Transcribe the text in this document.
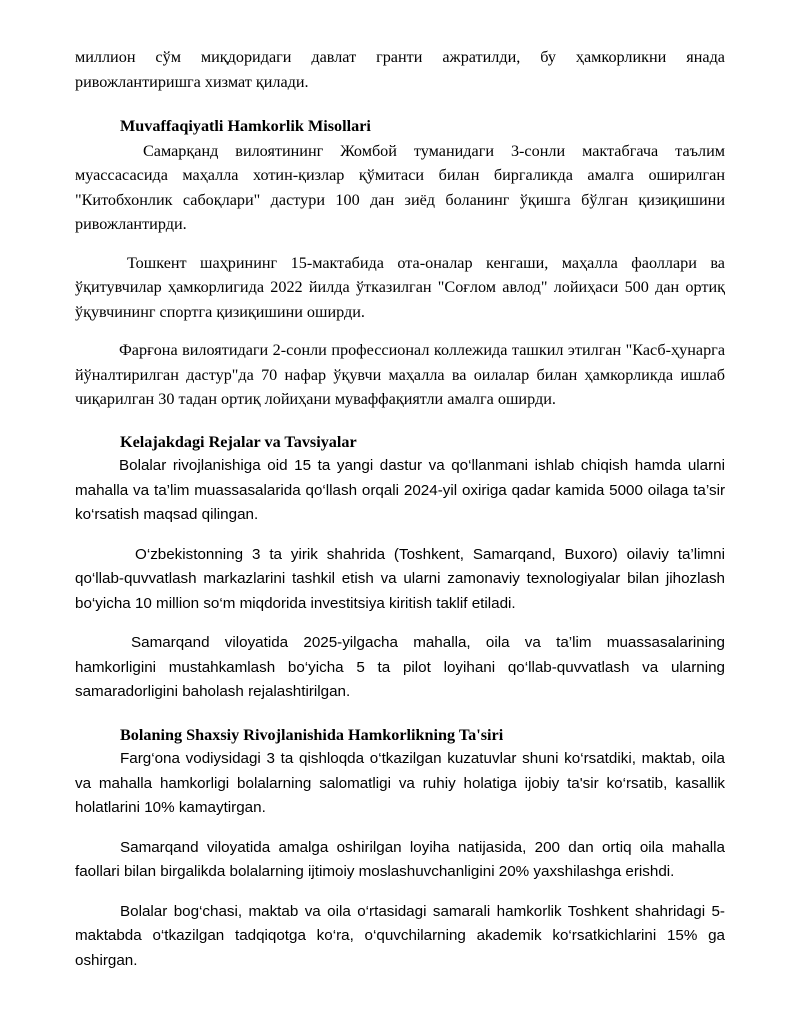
миллион сўм миқдоридаги давлат гранти ажратилди, бу ҳамкорликни янада ривожлантиришга хизмат қилади.

Muvaffaqiyatli Hamkorlik Misollari

Самарқанд вилоятининг Жомбой туманидаги 3-сонли мактабгача таълим муассасасида маҳалла хотин-қизлар қўмитаси билан биргаликда амалга оширилган "Китобхонлик сабоқлари" дастури 100 дан зиёд боланинг ўқишга бўлган қизиқишини ривожлантирди.

Тошкент шаҳрининг 15-мактабида ота-оналар кенгаши, маҳалла фаоллари ва ўқитувчилар ҳамкорлигида 2022 йилда ўтказилган "Соғлом авлод" лойиҳаси 500 дан ортиқ ўқувчининг спортга қизиқишини оширди.

Фарғона вилоятидаги 2-сонли профессионал коллежида ташкил этилган "Касб-ҳунарга йўналтирилган дастур"да 70 нафар ўқувчи маҳалла ва оилалар билан ҳамкорликда ишлаб чиқарилган 30 тадан ортиқ лойиҳани муваффақиятли амалга оширди.

Kelajakdagi Rejalar va Tavsiyalar

Bolalar rivojlanishiga oid 15 ta yangi dastur va qo‘llanmani ishlab chiqish hamda ularni mahalla va ta’lim muassasalarida qo‘llash orqali 2024-yil oxiriga qadar kamida 5000 oilaga ta’sir ko‘rsatish maqsad qilingan.

O‘zbekistonning 3 ta yirik shahrida (Toshkent, Samarqand, Buxoro) oilaviy ta’limni qo‘llab-quvvatlash markazlarini tashkil etish va ularni zamonaviy texnologiyalar bilan jihozlash bo‘yicha 10 million so‘m miqdorida investitsiya kiritish taklif etiladi.

Samarqand viloyatida 2025-yilgacha mahalla, oila va ta’lim muassasalarining hamkorligini mustahkamlash bo‘yicha 5 ta pilot loyihani qo‘llab-quvvatlash va ularning samaradorligini baholash rejalashtirilgan.

Bolaning Shaxsiy Rivojlanishida Hamkorlikning Ta'siri

Farg‘ona vodiysidagi 3 ta qishloqda o‘tkazilgan kuzatuvlar shuni ko‘rsatdiki, maktab, oila va mahalla hamkorligi bolalarning salomatligi va ruhiy holatiga ijobiy ta'sir ko‘rsatib, kasallik holatlarini 10% kamaytirgan.

Samarqand viloyatida amalga oshirilgan loyiha natijasida, 200 dan ortiq oila mahalla faollari bilan birgalikda bolalarning ijtimoiy moslashuvchanligini 20% yaxshilashga erishdi.

Bolalar bog‘chasi, maktab va oila o‘rtasidagi samarali hamkorlik Toshkent shahridagi 5-maktabda o‘tkazilgan tadqiqotga ko‘ra, o‘quvchilarning akademik ko‘rsatkichlarini 15% ga oshirgan.
